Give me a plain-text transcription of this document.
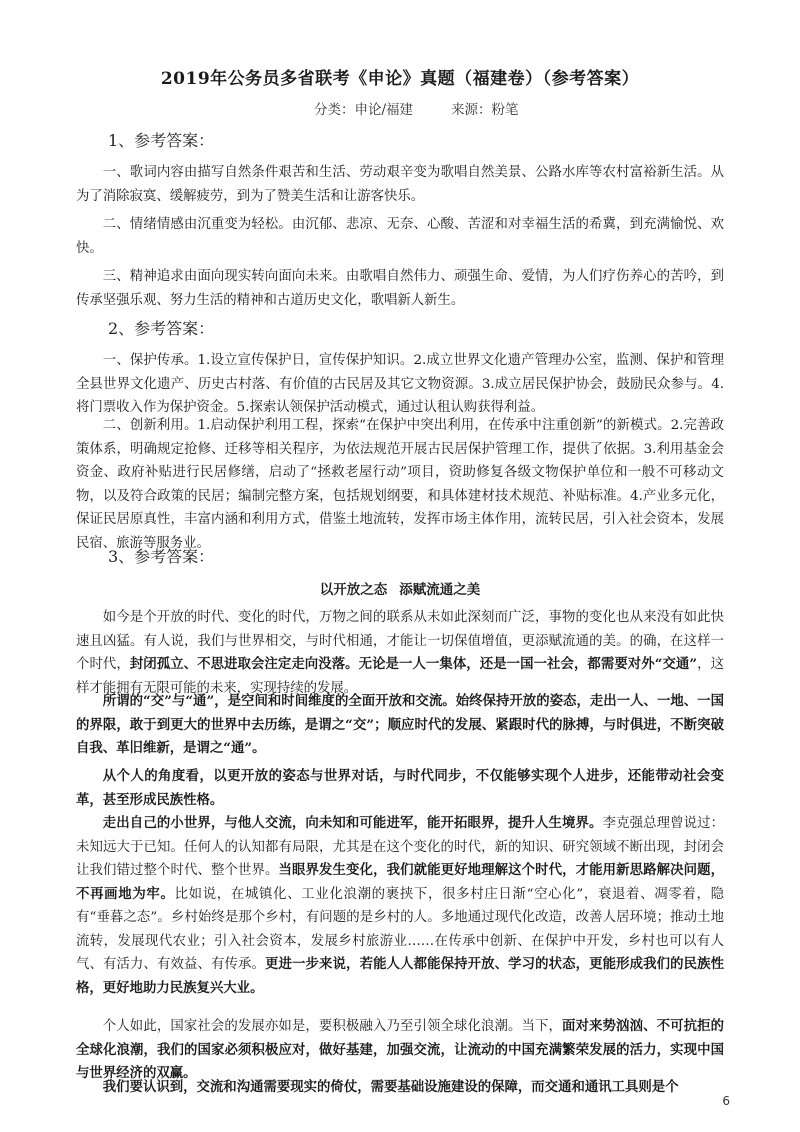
2019年公务员多省联考《申论》真题（福建卷）（参考答案）
分类：申论/福建	来源：粉笔
1、参考答案：

一、歌词内容由描写自然条件艰苦和生活、劳动艰辛变为歌唱自然美景、公路水库等农村富裕新生活。从为了消除寂寞、缓解疲劳，到为了赞美生活和让游客快乐。

二、情绪情感由沉重变为轻松。由沉郁、悲凉、无奈、心酸、苦涩和对幸福生活的希冀，到充满愉悦、欢快。

三、精神追求由面向现实转向面向未来。由歌唱自然伟力、顽强生命、爱情，为人们疗伤养心的苦吟，到传承坚强乐观、努力生活的精神和古道历史文化，歌唱新人新生。

2、参考答案：

一、保护传承。1.设立宣传保护日，宣传保护知识。2.成立世界文化遗产管理办公室，监测、保护和管理全县世界文化遗产、历史古村落、有价值的古民居及其它文物资源。3.成立居民保护协会，鼓励民众参与。4.将门票收入作为保护资金。5.探索认领保护活动模式，通过认租认购获得利益。

二、创新利用。1.启动保护利用工程，探索“在保护中突出利用，在传承中注重创新”的新模式。2.完善政策体系，明确规定抢修、迁移等相关程序，为依法规范开展古民居保护管理工作，提供了依据。3.利用基金会资金、政府补贴进行民居修缮，启动了“拯救老屋行动”项目，资助修复各级文物保护单位和一般不可移动文物，以及符合政策的民居；编制完整方案，包括规划纲要，和具体建材技术规范、补贴标准。4.产业多元化，保证民居原真性，丰富内涵和利用方式，借鉴土地流转，发挥市场主体作用，流转民居，引入社会资本，发展民宿、旅游等服务业。

3、参考答案：
以开放之态 添赋流通之美

如今是个开放的时代、变化的时代，万物之间的联系从未如此深刻而广泛，事物的变化也从来没有如此快速且凶猛。有人说，我们与世界相交，与时代相通，才能让一切保值增值，更添赋流通的美。的确，在这样一个时代，封闭孤立、不思进取会注定走向没落。无论是一人一集体，还是一国一社会，都需要对外“交通”，这样才能拥有无限可能的未来，实现持续的发展。

所谓的“交”与“通”，是空间和时间维度的全面开放和交流。始终保持开放的姿态，走出一人、一地、一国的界限，敢于到更大的世界中去历练，是谓之“交”；顺应时代的发展、紧跟时代的脉搏，与时俱进，不断突破自我、革旧维新，是谓之“通”。

从个人的角度看，以更开放的姿态与世界对话，与时代同步，不仅能够实现个人进步，还能带动社会变革，甚至形成民族性格。

走出自己的小世界，与他人交流，向未知和可能进军，能开拓眼界，提升人生境界。李克强总理曾说过：未知远大于已知。任何人的认知都有局限，尤其是在这个变化的时代，新的知识、研究领域不断出现，封闭会让我们错过整个时代、整个世界。当眼界发生变化，我们就能更好地理解这个时代，才能用新思路解决问题，不再画地为牢。比如说，在城镇化、工业化浪潮的裹挟下，很多村庄日渐“空心化”，衰退着、凋零着，隐有“垂暮之态”。乡村始终是那个乡村，有问题的是乡村的人。多地通过现代化改造，改善人居环境；推动土地流转，发展现代农业；引入社会资本，发展乡村旅游业……在传承中创新、在保护中开发，乡村也可以有人气、有活力、有效益、有传承。更进一步来说，若能人人都能保持开放、学习的状态，更能形成我们的民族性格，更好地助力民族复兴大业。

个人如此，国家社会的发展亦如是，要积极融入乃至引领全球化浪潮。当下，面对来势汹汹、不可抗拒的全球化浪潮，我们的国家必须积极应对，做好基建，加强交流，让流动的中国充满繁荣发展的活力，实现中国与世界经济的双赢。

我们要认识到，交流和沟通需要现实的倚仗，需要基础设施建设的保障，而交通和通讯工具则是个

6
